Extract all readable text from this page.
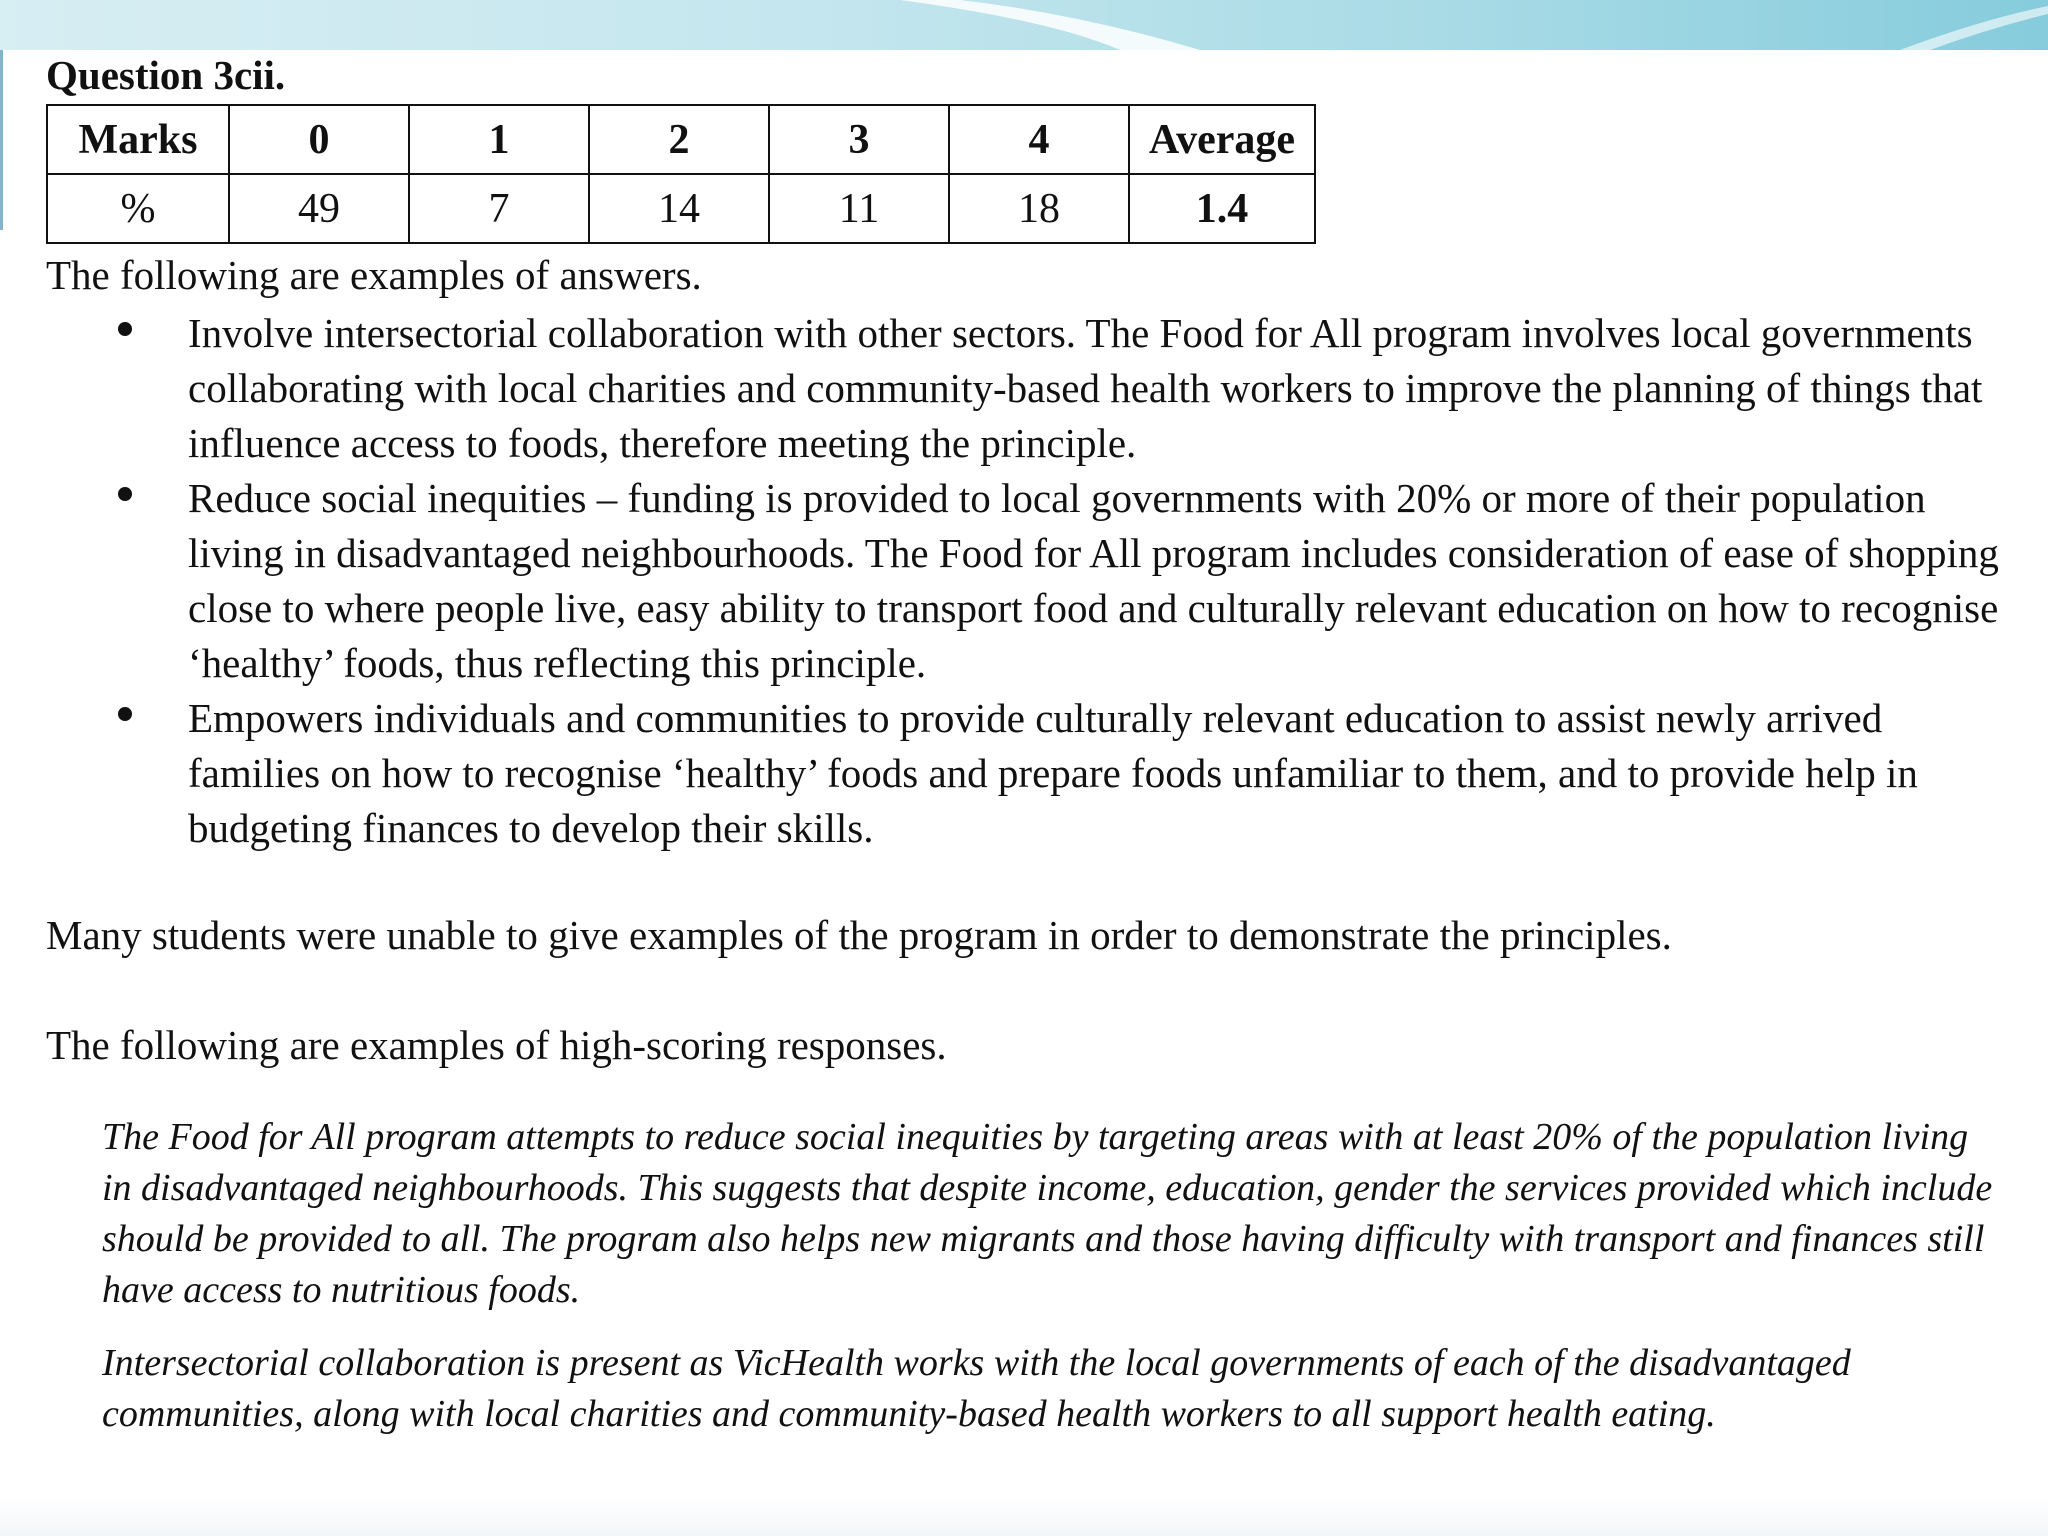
Question 3cii.
Marks	0	1	2	3	4	Average
%	49	7	14	11	18	1.4

The following are examples of answers.

Involve intersectorial collaboration with other sectors. The Food for All program involves local governments collaborating with local charities and community-based health workers to improve the planning of things that influence access to foods, therefore meeting the principle.
Reduce social inequities – funding is provided to local governments with 20% or more of their population living in disadvantaged neighbourhoods. The Food for All program includes consideration of ease of shopping close to where people live, easy ability to transport food and culturally relevant education on how to recognise ‘healthy’ foods, thus reflecting this principle.
Empowers individuals and communities to provide culturally relevant education to assist newly arrived families on how to recognise ‘healthy’ foods and prepare foods unfamiliar to them, and to provide help in budgeting finances to develop their skills.

Many students were unable to give examples of the program in order to demonstrate the principles.

The following are examples of high-scoring responses.

The Food for All program attempts to reduce social inequities by targeting areas with at least 20% of the population living in disadvantaged neighbourhoods. This suggests that despite income, education, gender the services provided which include should be provided to all. The program also helps new migrants and those having difficulty with transport and finances still have access to nutritious foods.

Intersectorial collaboration is present as VicHealth works with the local governments of each of the disadvantaged communities, along with local charities and community-based health workers to all support health eating.
